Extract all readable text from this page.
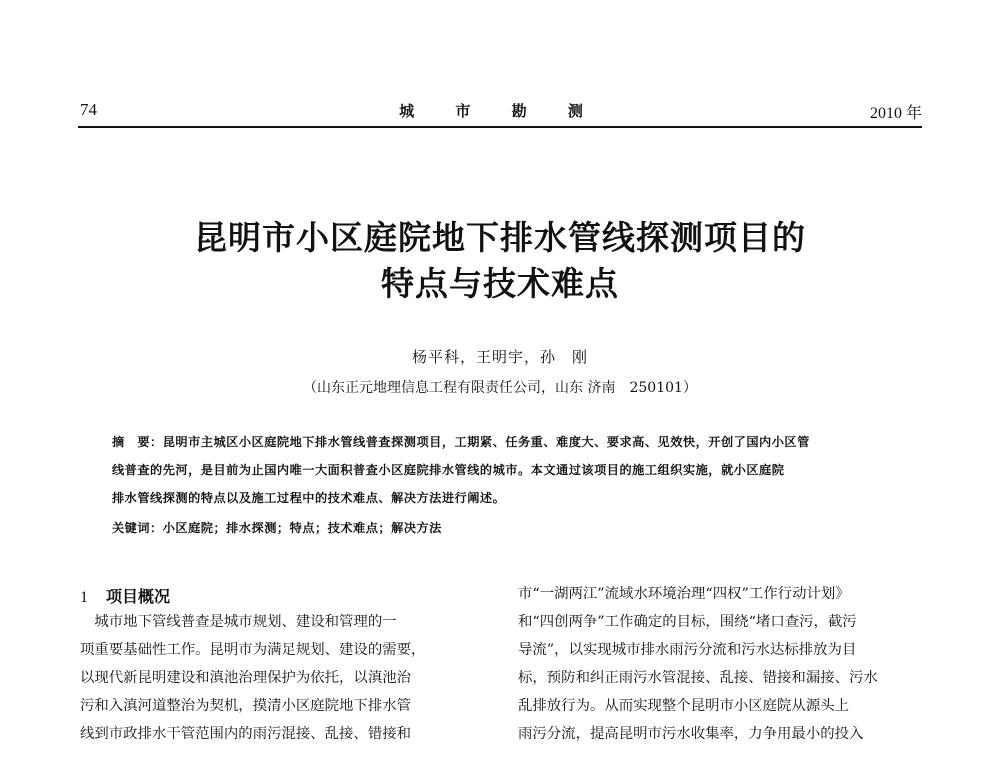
74	城 市 勘 测	2010 年
昆明市小区庭院地下排水管线探测项目的
特点与技术难点
杨平科，王明宇，孙　刚
（山东正元地理信息工程有限责任公司，山东 济南　250101）
摘　要：昆明市主城区小区庭院地下排水管线普查探测项目，工期紧、任务重、难度大、要求高、见效快，开创了国内小区管
线普查的先河，是目前为止国内唯一大面积普查小区庭院排水管线的城市。本文通过该项目的施工组织实施，就小区庭院
排水管线探测的特点以及施工过程中的技术难点、解决方法进行阐述。
关键词：小区庭院；排水探测；特点；技术难点；解决方法
1 项目概况
　城市地下管线普查是城市规划、建设和管理的一
项重要基础性工作。昆明市为满足规划、建设的需要，
以现代新昆明建设和滇池治理保护为依托，以滇池治
污和入滇河道整治为契机，摸清小区庭院地下排水管
线到市政排水干管范围内的雨污混接、乱接、错接和
市“一湖两江”流域水环境治理“四权”工作行动计划》
和“四创两争”工作确定的目标，围绕“堵口查污，截污
导流”，以实现城市排水雨污分流和污水达标排放为目
标，预防和纠正雨污水管混接、乱接、错接和漏接、污水
乱排放行为。从而实现整个昆明市小区庭院从源头上
雨污分流，提高昆明市污水收集率，力争用最小的投入
